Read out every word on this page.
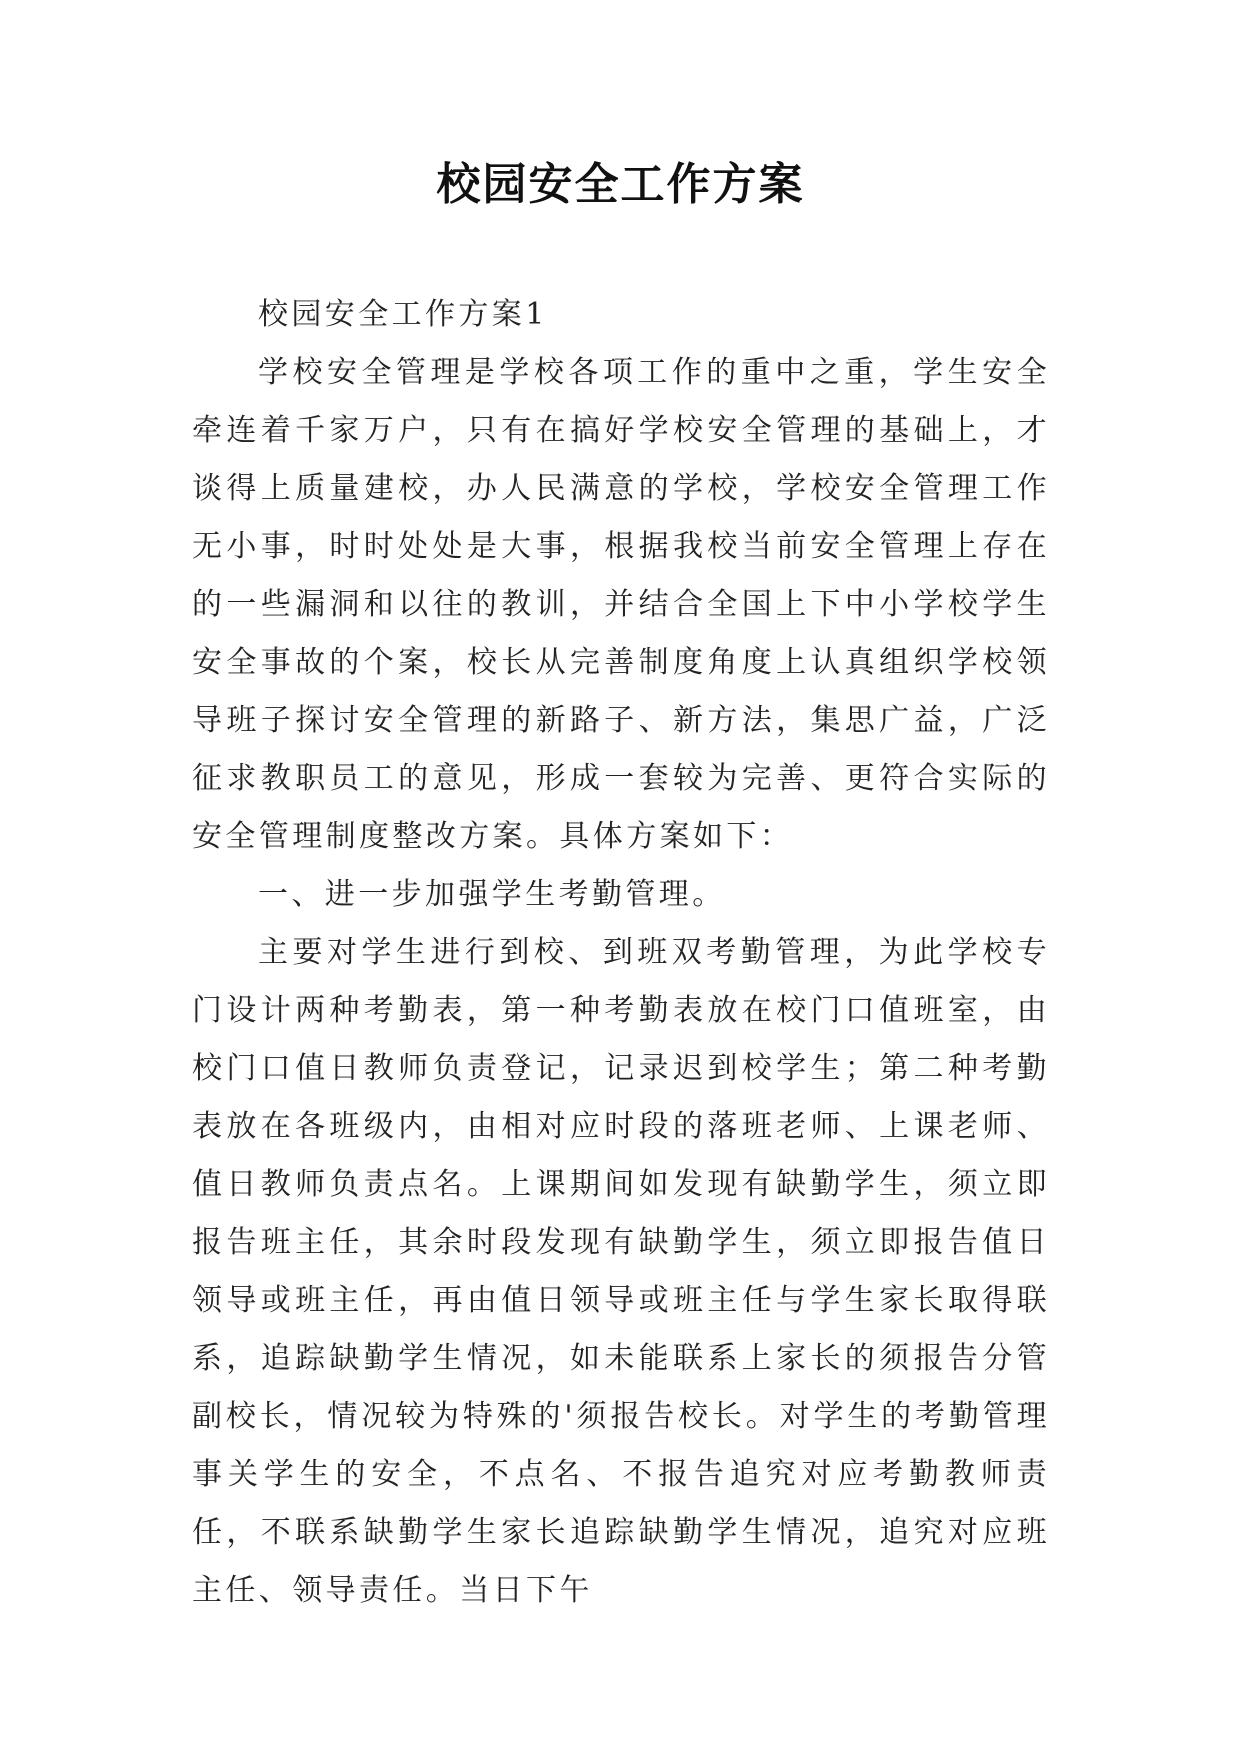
校园安全工作方案

校园安全工作方案1

学校安全管理是学校各项工作的重中之重，学生安全牵连着千家万户，只有在搞好学校安全管理的基础上，才谈得上质量建校，办人民满意的学校，学校安全管理工作无小事，时时处处是大事，根据我校当前安全管理上存在的一些漏洞和以往的教训，并结合全国上下中小学校学生安全事故的个案，校长从完善制度角度上认真组织学校领导班子探讨安全管理的新路子、新方法，集思广益，广泛征求教职员工的意见，形成一套较为完善、更符合实际的安全管理制度整改方案。具体方案如下：

一、进一步加强学生考勤管理。

主要对学生进行到校、到班双考勤管理，为此学校专门设计两种考勤表，第一种考勤表放在校门口值班室，由校门口值日教师负责登记，记录迟到校学生；第二种考勤表放在各班级内，由相对应时段的落班老师、上课老师、值日教师负责点名。上课期间如发现有缺勤学生，须立即报告班主任，其余时段发现有缺勤学生，须立即报告值日领导或班主任，再由值日领导或班主任与学生家长取得联系，追踪缺勤学生情况，如未能联系上家长的须报告分管副校长，情况较为特殊的'须报告校长。对学生的考勤管理事关学生的安全，不点名、不报告追究对应考勤教师责任，不联系缺勤学生家长追踪缺勤学生情况，追究对应班主任、领导责任。当日下午
